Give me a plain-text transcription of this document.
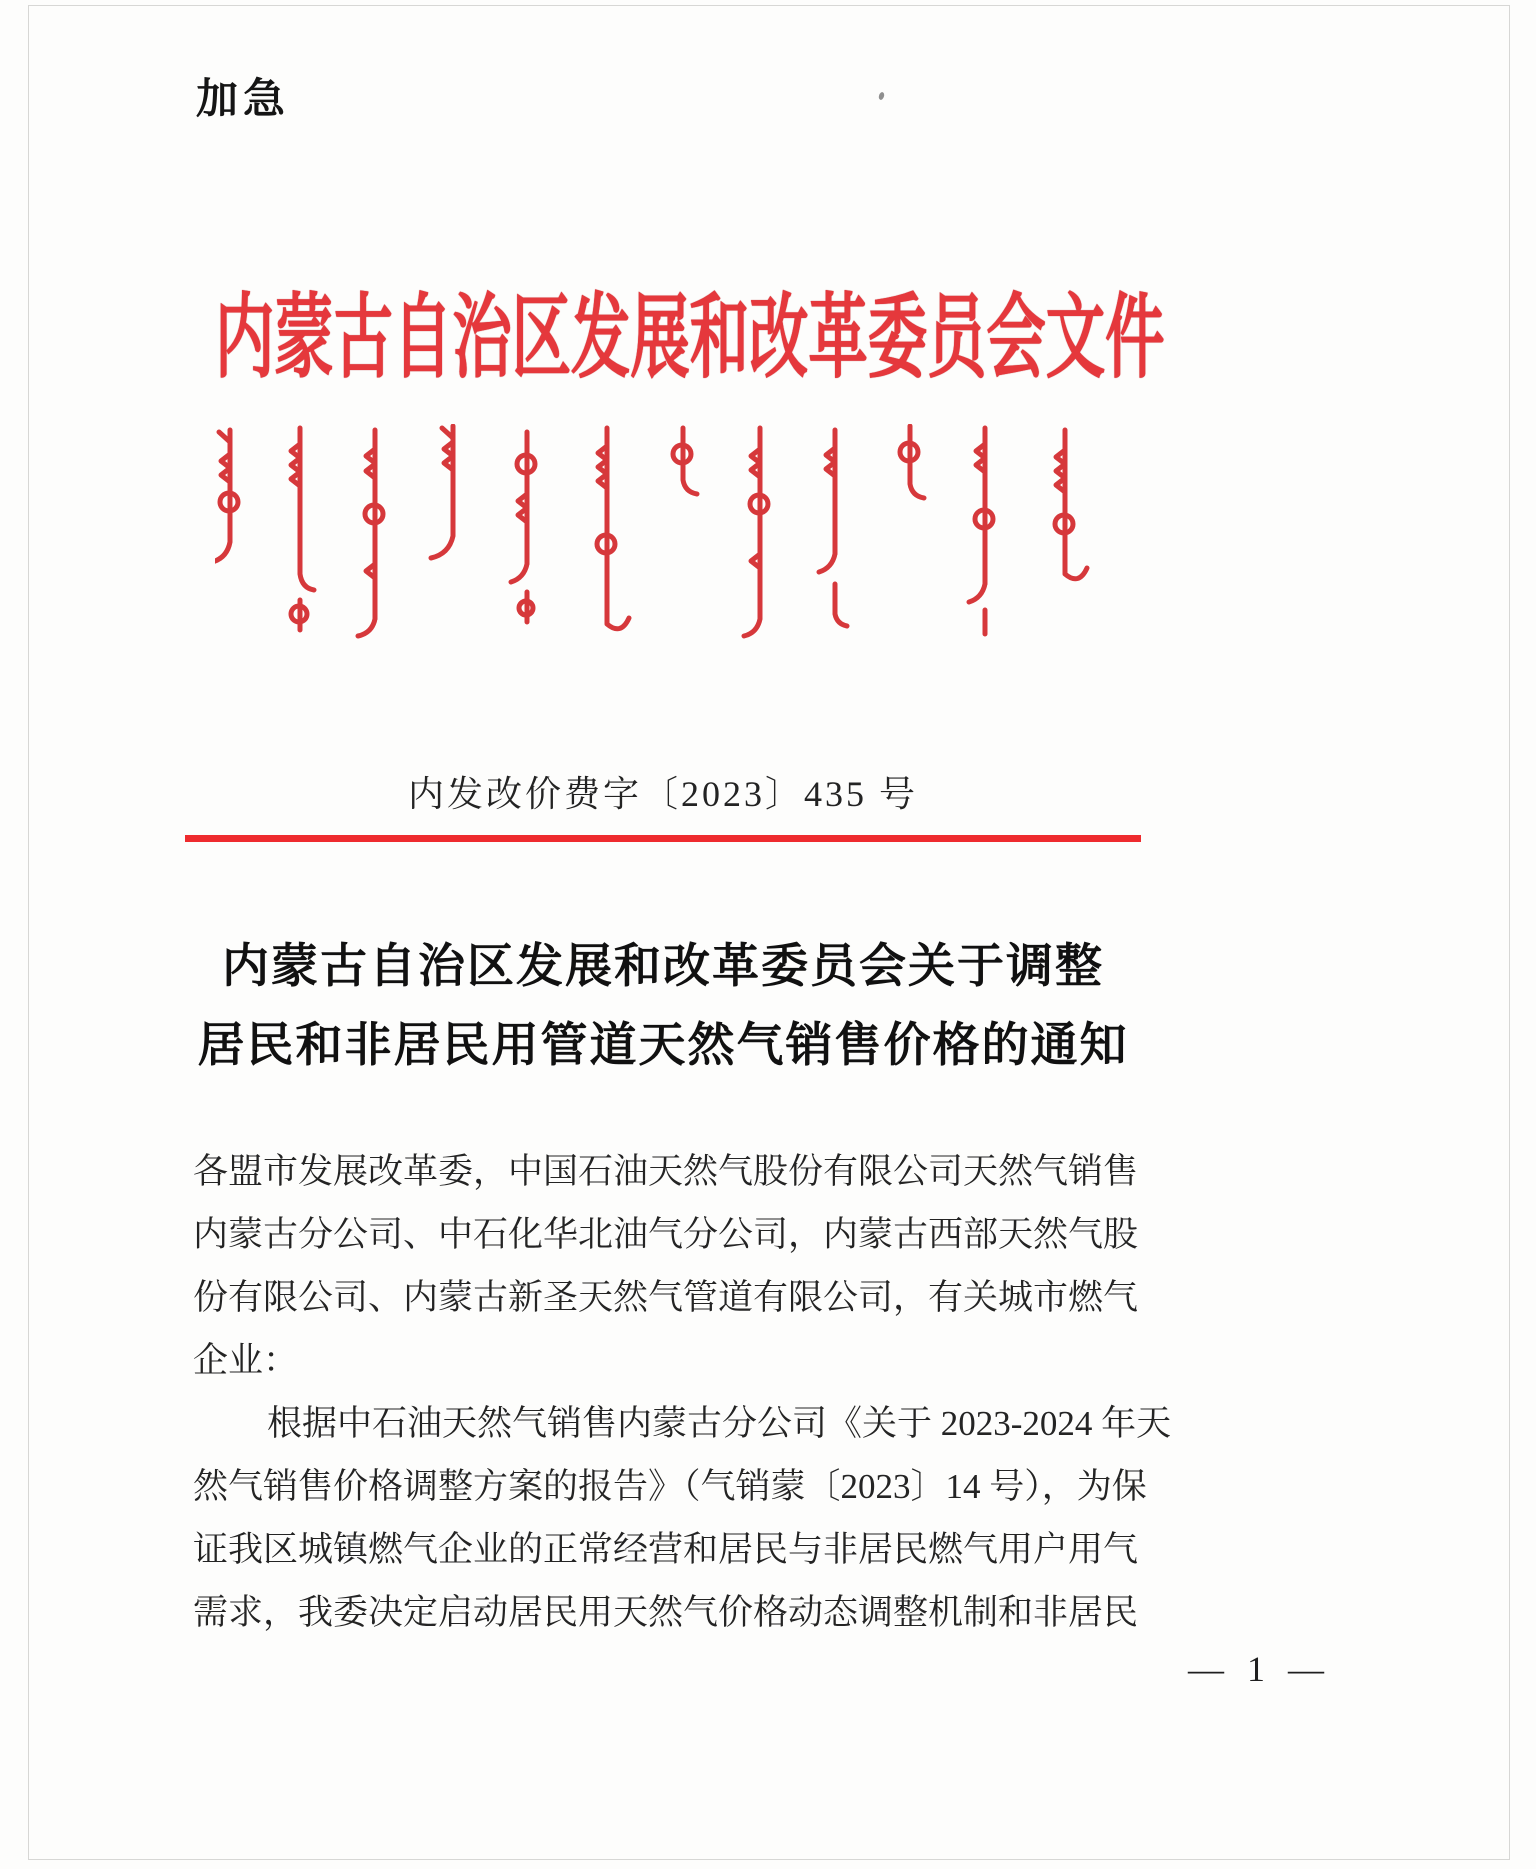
加急
内蒙古自治区发展和改革委员会文件
内发改价费字〔2023〕435 号
内蒙古自治区发展和改革委员会关于调整
居民和非居民用管道天然气销售价格的通知
各盟市发展改革委，中国石油天然气股份有限公司天然气销售
内蒙古分公司、中石化华北油气分公司，内蒙古西部天然气股
份有限公司、内蒙古新圣天然气管道有限公司，有关城市燃气
企业：
根据中石油天然气销售内蒙古分公司《关于 2023-2024 年天
然气销售价格调整方案的报告》（气销蒙〔2023〕14 号），为保
证我区城镇燃气企业的正常经营和居民与非居民燃气用户用气
需求，我委决定启动居民用天然气价格动态调整机制和非居民
— 1 —
